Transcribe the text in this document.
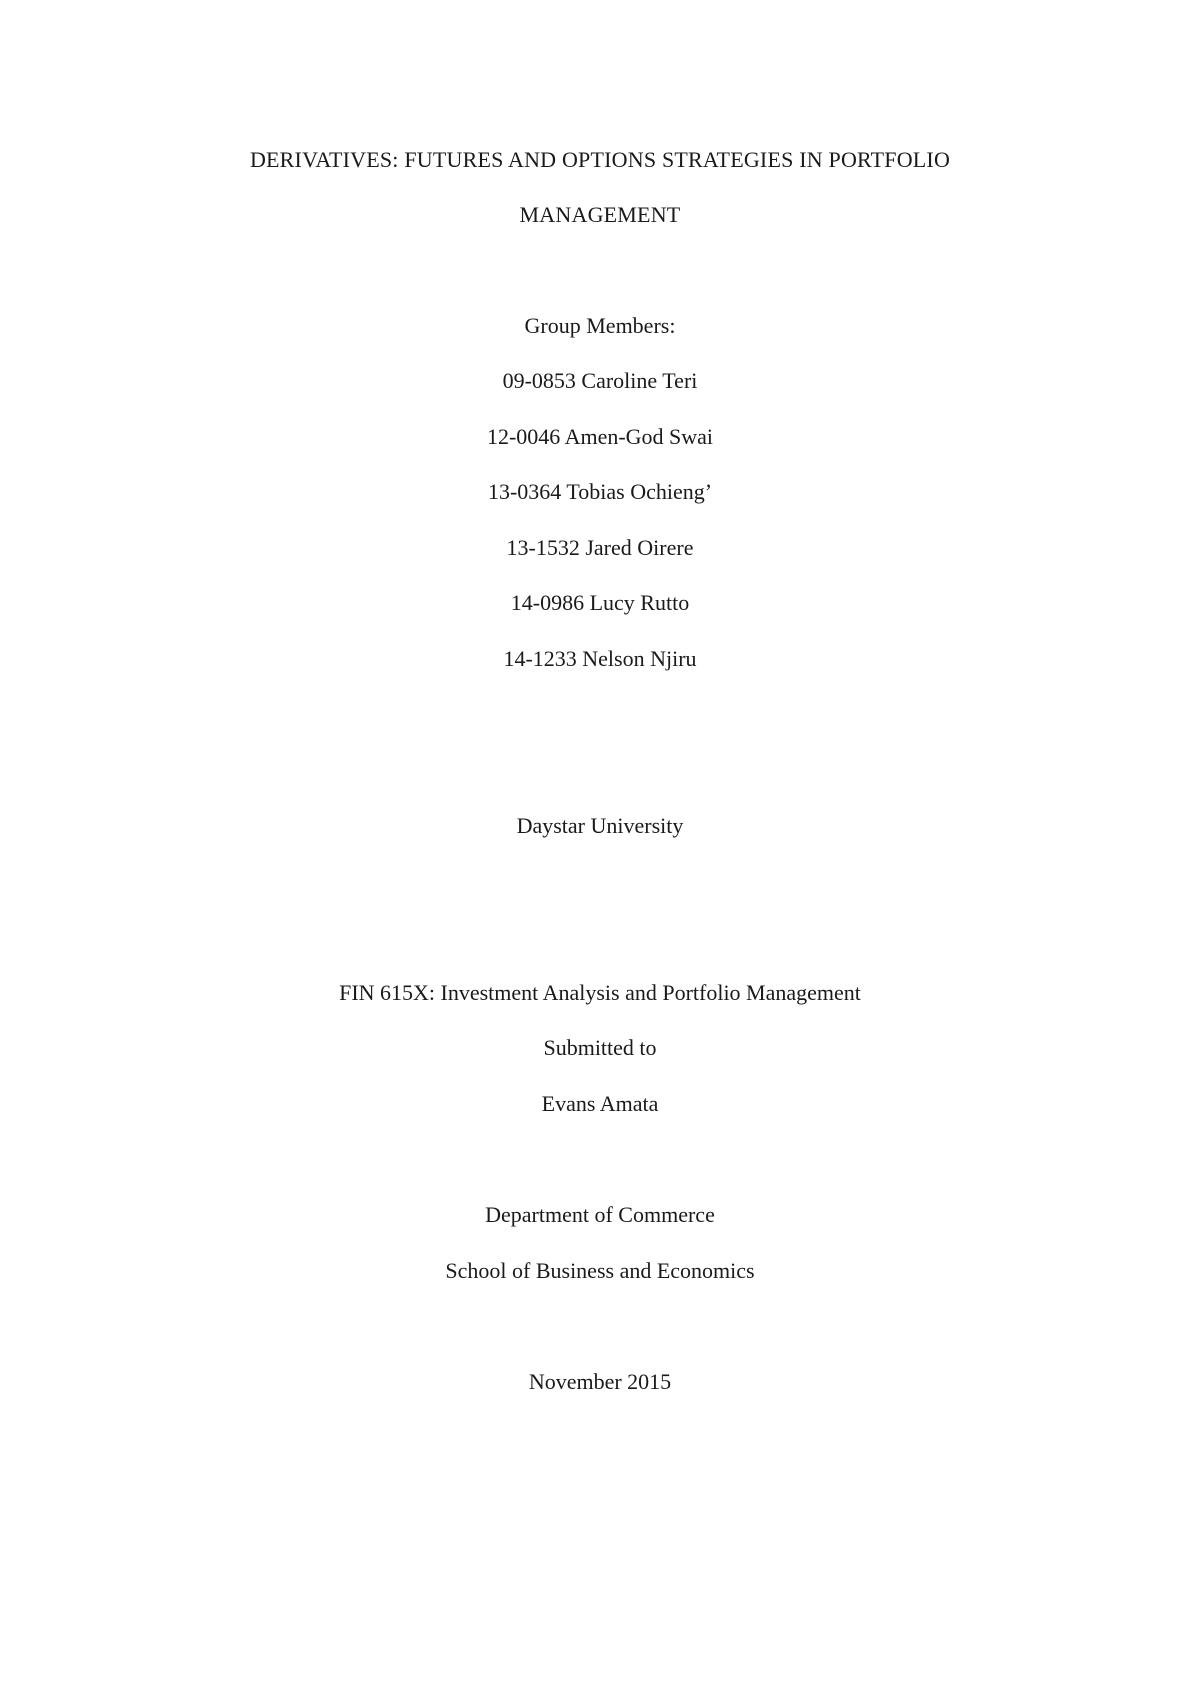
DERIVATIVES: FUTURES AND OPTIONS STRATEGIES IN PORTFOLIO
MANAGEMENT
Group Members:
09-0853 Caroline Teri
12-0046 Amen-God Swai
13-0364 Tobias Ochieng’
13-1532 Jared Oirere
14-0986 Lucy Rutto
14-1233 Nelson Njiru
Daystar University
FIN 615X: Investment Analysis and Portfolio Management
Submitted to
Evans Amata
Department of Commerce
School of Business and Economics
November 2015
